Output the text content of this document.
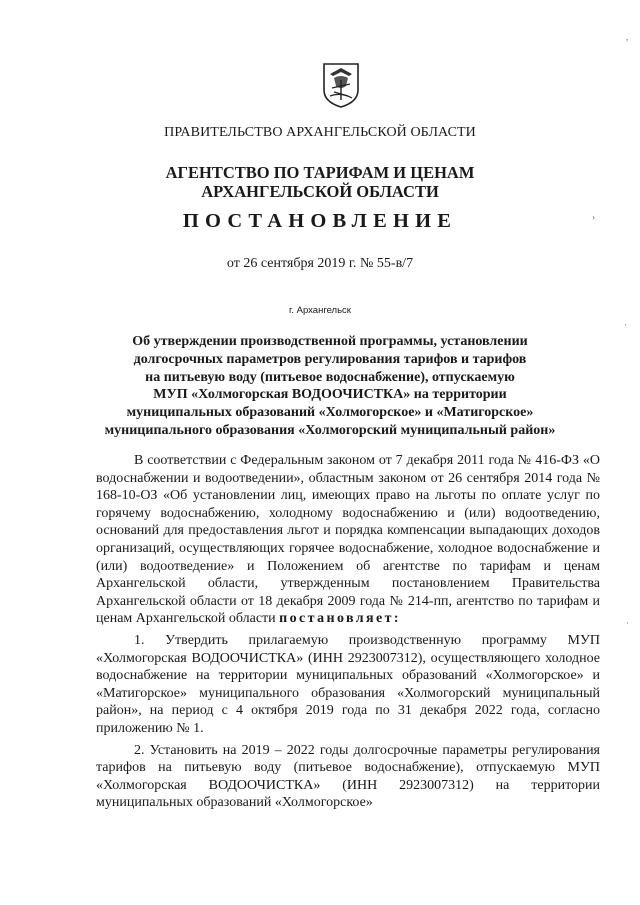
ПРАВИТЕЛЬСТВО АРХАНГЕЛЬСКОЙ ОБЛАСТИ
АГЕНТСТВО ПО ТАРИФАМ И ЦЕНАМ
АРХАНГЕЛЬСКОЙ ОБЛАСТИ
ПОСТАНОВЛЕНИЕ
от 26 сентября 2019 г. № 55-в/7
г. Архангельск
Об утверждении производственной программы, установлении
долгосрочных параметров регулирования тарифов и тарифов
на питьевую воду (питьевое водоснабжение), отпускаемую
МУП «Холмогорская ВОДООЧИСТКА» на территории
муниципальных образований «Холмогорское» и «Матигорское»
муниципального образования «Холмогорский муниципальный район»

В соответствии с Федеральным законом от 7 декабря 2011 года № 416-ФЗ «О водоснабжении и водоотведении», областным законом от 26 сентября 2014 года № 168-10-ОЗ «Об установлении лиц, имеющих право на льготы по оплате услуг по горячему водоснабжению, холодному водоснабжению и (или) водоотведению, оснований для предоставления льгот и порядка компенсации выпадающих доходов организаций, осуществляющих горячее водоснабжение, холодное водоснабжение и (или) водоотведение» и Положением об агентстве по тарифам и ценам Архангельской области, утвержденным постановлением Правительства Архангельской области от 18 декабря 2009 года № 214-пп, агентство по тарифам и ценам Архангельской области постановляет:

1. Утвердить прилагаемую производственную программу МУП «Холмогорская ВОДООЧИСТКА» (ИНН 2923007312), осуществляющего холодное водоснабжение на территории муниципальных образований «Холмогорское» и «Матигорское» муниципального образования «Холмогорский муниципальный район», на период с 4 октября 2019 года по 31 декабря 2022 года, согласно приложению № 1.

2. Установить на 2019 – 2022 годы долгосрочные параметры регулирования тарифов на питьевую воду (питьевое водоснабжение), отпускаемую МУП «Холмогорская ВОДООЧИСТКА» (ИНН 2923007312) на территории муниципальных образований «Холмогорское»

,
›
·
·
